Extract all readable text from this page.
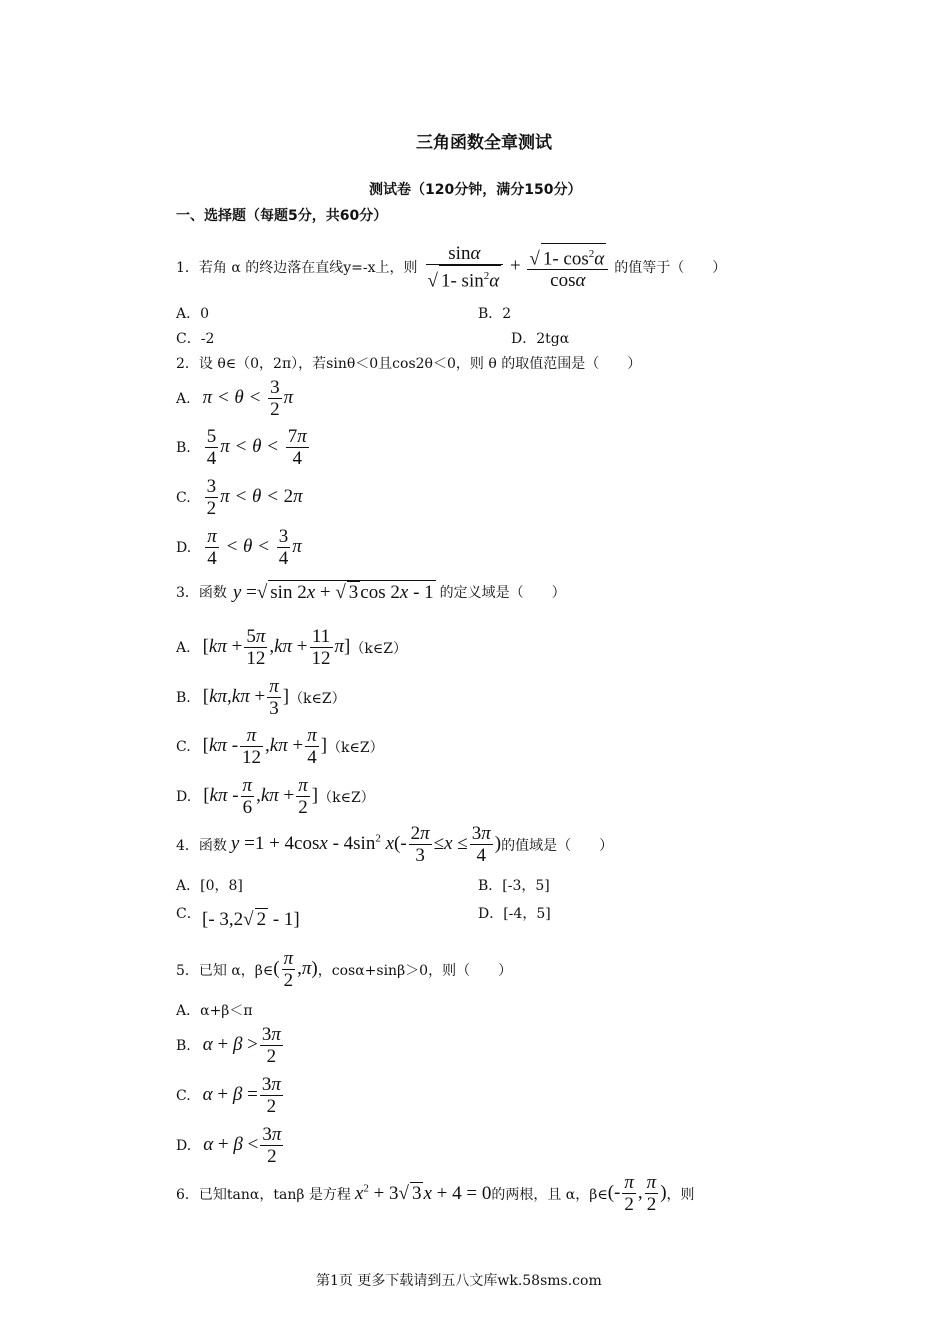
三角函数全章测试
测试卷（120分钟，满分150分）
一、选择题（每题5分，共60分）
1．若角 α 的终边落在直线y=-x上，则 $\frac{\sin\alpha}{√ 1- \sin^2\alpha} + \frac{√ 1- \cos^2\alpha}{\cos\alpha}$ 的值等于（　　）
A．0	B．2
C．-2	D．2tgα
2．设 θ∈（0，2π），若sinθ＜0且cos2θ＜0，则 θ 的取值范围是（　　）
A. $\pi < \theta < \frac{3}{2}$ π
B. $\frac{5}{4}$ $\pi < \theta < \frac{7\pi}{4}$
C. $\frac{3}{2}$ π < θ < 2π
D. $\frac{\pi}{4} < \theta < \frac{3}{4}$ π
3．函数 y =√ sin 2x + √ 3 cos 2x - 1 的定义域是（　　）
A. $[k\pi + \frac{5\pi}{12} ,k\pi + \frac{11}{12} \pi]$ （k∈Z）
B. [$k\pi,k\pi + \frac{\pi}{3}$ ] （k∈Z）
C. [$k\pi - \frac{\pi}{12} ,k\pi + \frac{\pi}{4}$ ] （k∈Z）
D. [$k\pi - \frac{\pi}{6} ,k\pi + \frac{\pi}{2}$ ] （k∈Z）
4．函数 $y =1 + 4\cos x - 4\sin^2$ $x(- \frac{2\pi}{3} \le x \le \frac{3\pi}{4}$ ) 的值域是（　　）
A．[0，8]	B．[-3，5]
C． [- 3,2√ 2 - 1]	D．[-4，5]
5．已知 α，β∈ ( $\frac{\pi}{2} ,\pi$) ，cosα+sinβ＞0，则（　　）
A．α+β＜π
B. $\alpha + \beta > \frac{3\pi}{2}$
C. $\alpha + \beta = \frac{3\pi}{2}$
D. $\alpha + \beta < \frac{3\pi}{2}$
6．已知tanα，tanβ 是方程 $x^2 + 3√$ 3 x + 4 = 0 的两根，且 α，β∈ (- $\frac{\pi}{2}$ , $\frac{\pi}{2}$ ) ，则
第1页 更多下载请到五八文库wk.58sms.com
